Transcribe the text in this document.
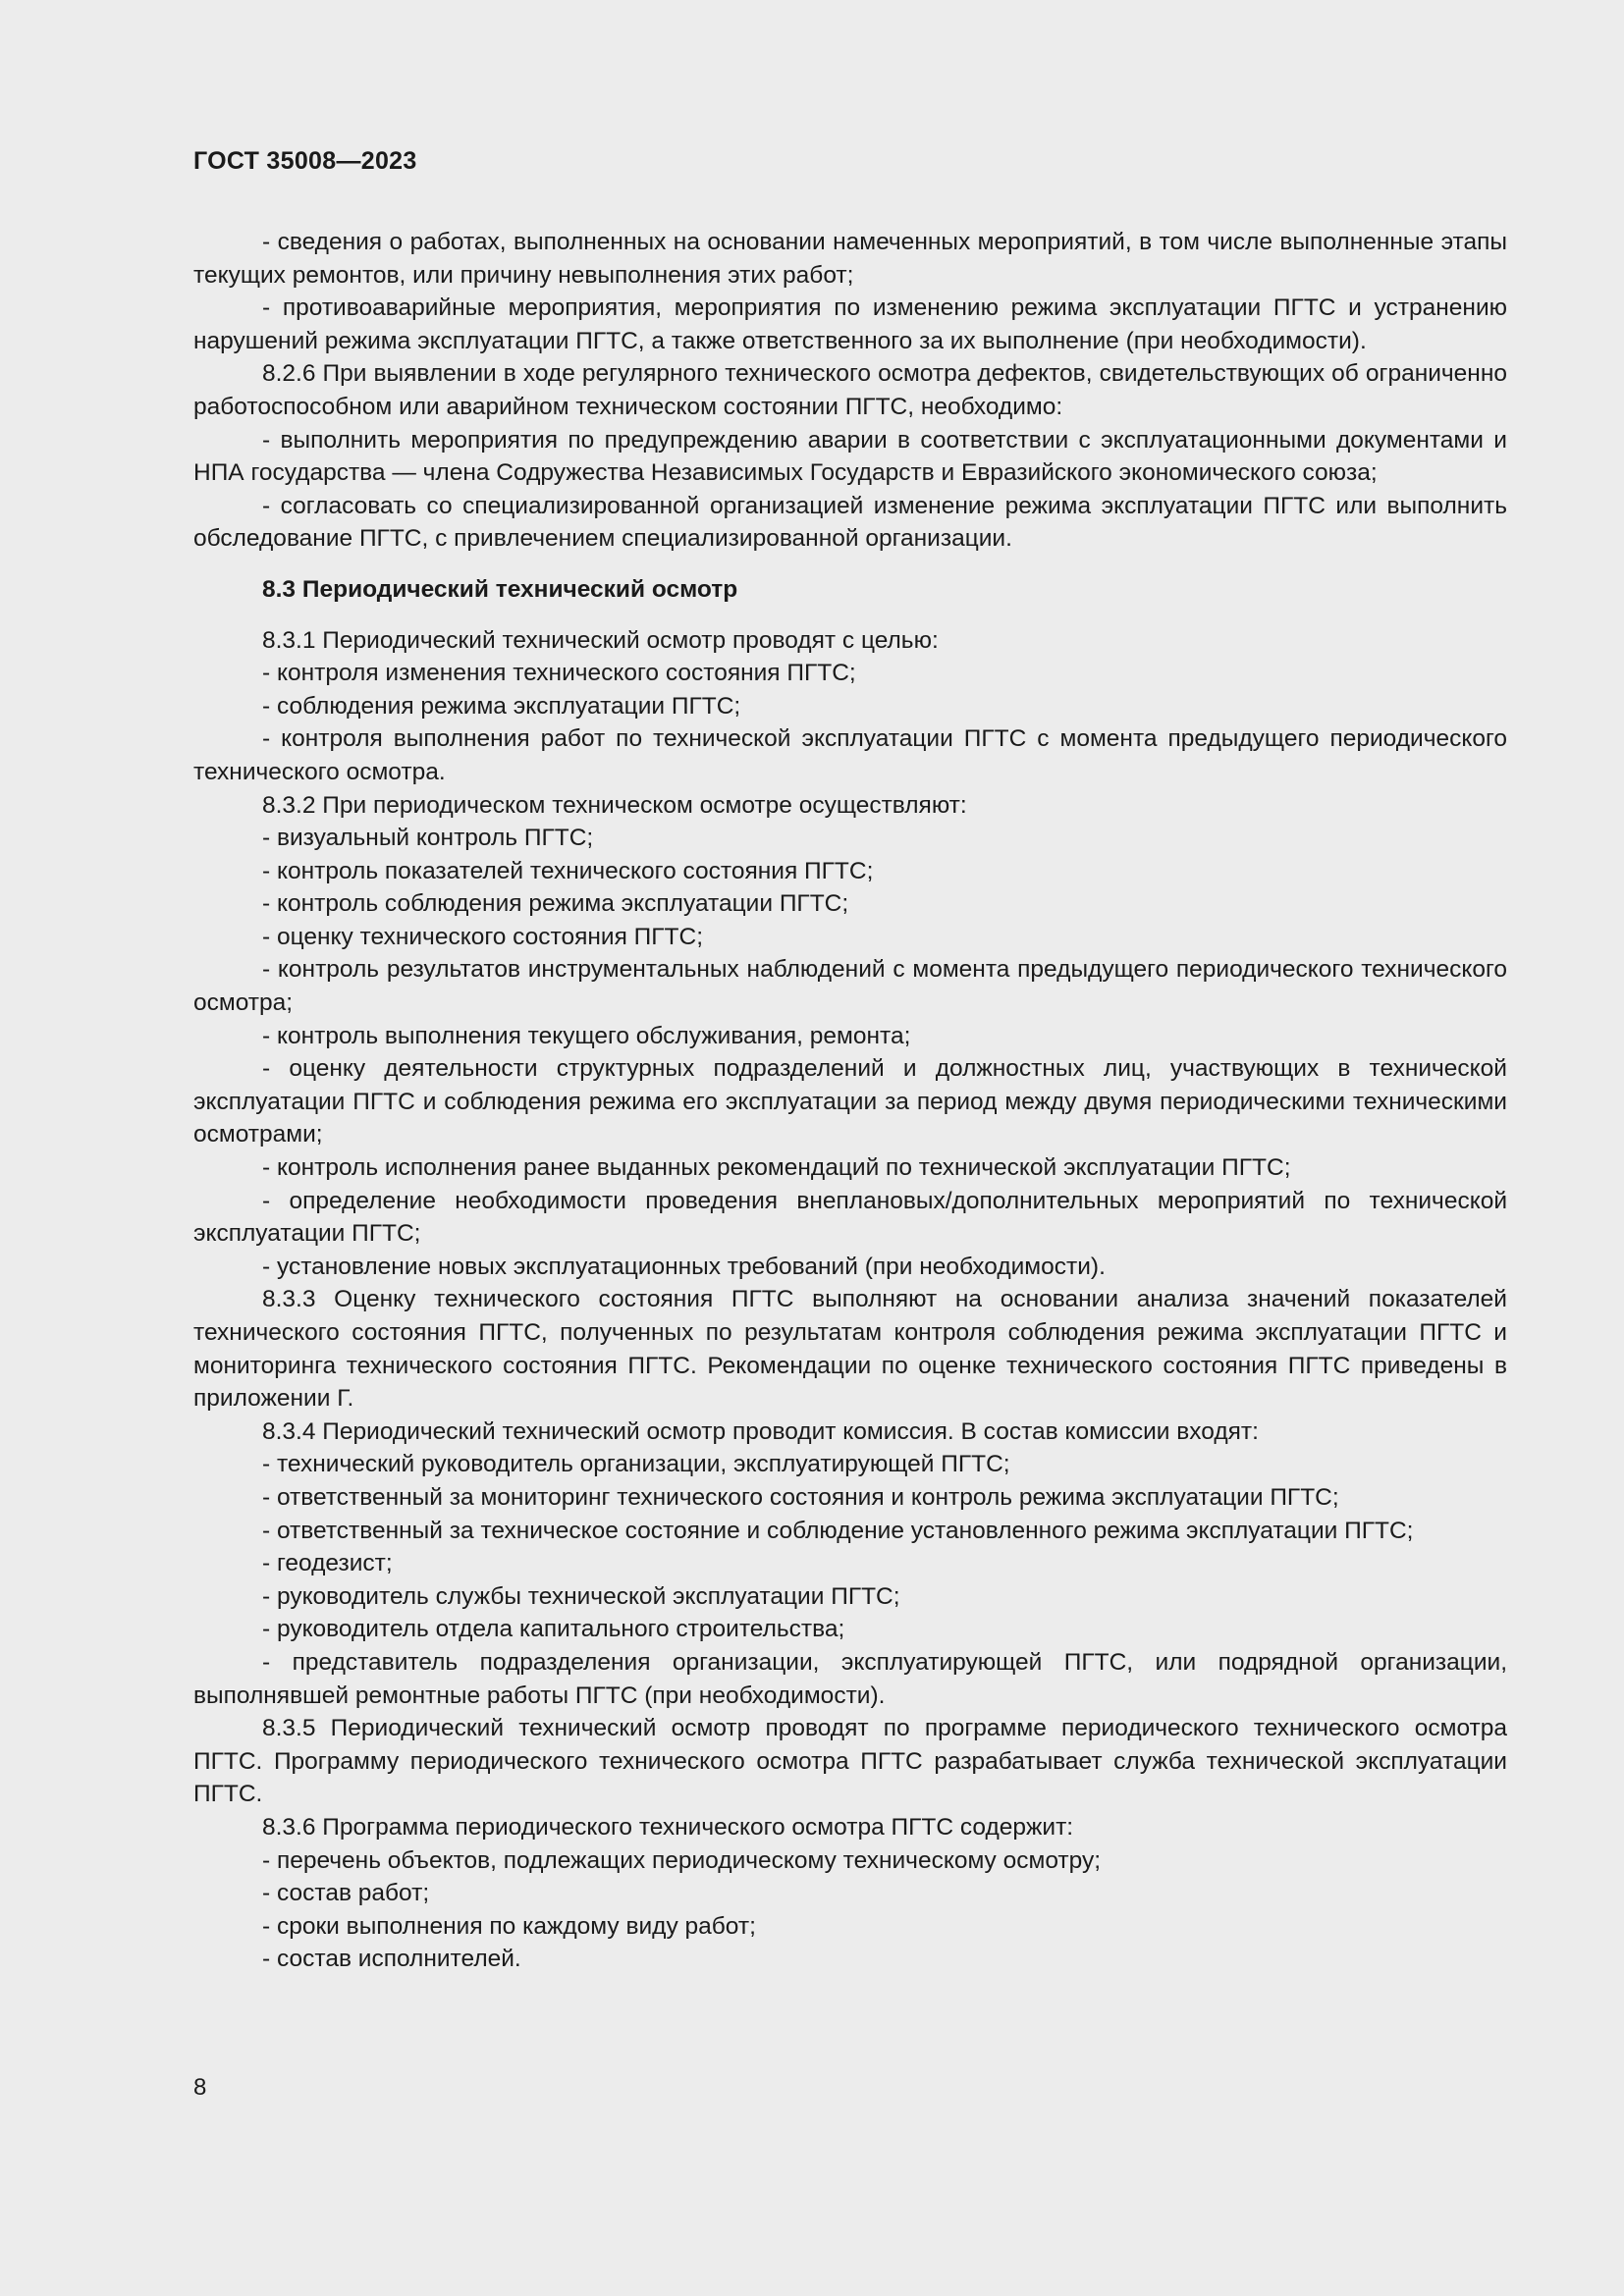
ГОСТ 35008—2023

- сведения о работах, выполненных на основании намеченных мероприятий, в том числе выполненные этапы текущих ремонтов, или причину невыполнения этих работ;

- противоаварийные мероприятия, мероприятия по изменению режима эксплуатации ПГТС и устранению нарушений режима эксплуатации ПГТС, а также ответственного за их выполнение (при необходимости).

8.2.6 При выявлении в ходе регулярного технического осмотра дефектов, свидетельствующих об ограниченно работоспособном или аварийном техническом состоянии ПГТС, необходимо:

- выполнить мероприятия по предупреждению аварии в соответствии с эксплуатационными документами и НПА государства — члена Содружества Независимых Государств и Евразийского экономического союза;

- согласовать со специализированной организацией изменение режима эксплуатации ПГТС или выполнить обследование ПГТС, с привлечением специализированной организации.

8.3 Периодический технический осмотр

8.3.1 Периодический технический осмотр проводят с целью:

- контроля изменения технического состояния ПГТС;

- соблюдения режима эксплуатации ПГТС;

- контроля выполнения работ по технической эксплуатации ПГТС с момента предыдущего периодического технического осмотра.

8.3.2 При периодическом техническом осмотре осуществляют:

- визуальный контроль ПГТС;

- контроль показателей технического состояния ПГТС;

- контроль соблюдения режима эксплуатации ПГТС;

- оценку технического состояния ПГТС;

- контроль результатов инструментальных наблюдений с момента предыдущего периодического технического осмотра;

- контроль выполнения текущего обслуживания, ремонта;

- оценку деятельности структурных подразделений и должностных лиц, участвующих в технической эксплуатации ПГТС и соблюдения режима его эксплуатации за период между двумя периодическими техническими осмотрами;

- контроль исполнения ранее выданных рекомендаций по технической эксплуатации ПГТС;

- определение необходимости проведения внеплановых/дополнительных мероприятий по технической эксплуатации ПГТС;

- установление новых эксплуатационных требований (при необходимости).

8.3.3 Оценку технического состояния ПГТС выполняют на основании анализа значений показателей технического состояния ПГТС, полученных по результатам контроля соблюдения режима эксплуатации ПГТС и мониторинга технического состояния ПГТС. Рекомендации по оценке технического состояния ПГТС приведены в приложении Г.

8.3.4 Периодический технический осмотр проводит комиссия. В состав комиссии входят:

- технический руководитель организации, эксплуатирующей ПГТС;

- ответственный за мониторинг технического состояния и контроль режима эксплуатации ПГТС;

- ответственный за техническое состояние и соблюдение установленного режима эксплуатации ПГТС;

- геодезист;

- руководитель службы технической эксплуатации ПГТС;

- руководитель отдела капитального строительства;

- представитель подразделения организации, эксплуатирующей ПГТС, или подрядной организации, выполнявшей ремонтные работы ПГТС (при необходимости).

8.3.5 Периодический технический осмотр проводят по программе периодического технического осмотра ПГТС. Программу периодического технического осмотра ПГТС разрабатывает служба технической эксплуатации ПГТС.

8.3.6 Программа периодического технического осмотра ПГТС содержит:

- перечень объектов, подлежащих периодическому техническому осмотру;

- состав работ;

- сроки выполнения по каждому виду работ;

- состав исполнителей.

8
